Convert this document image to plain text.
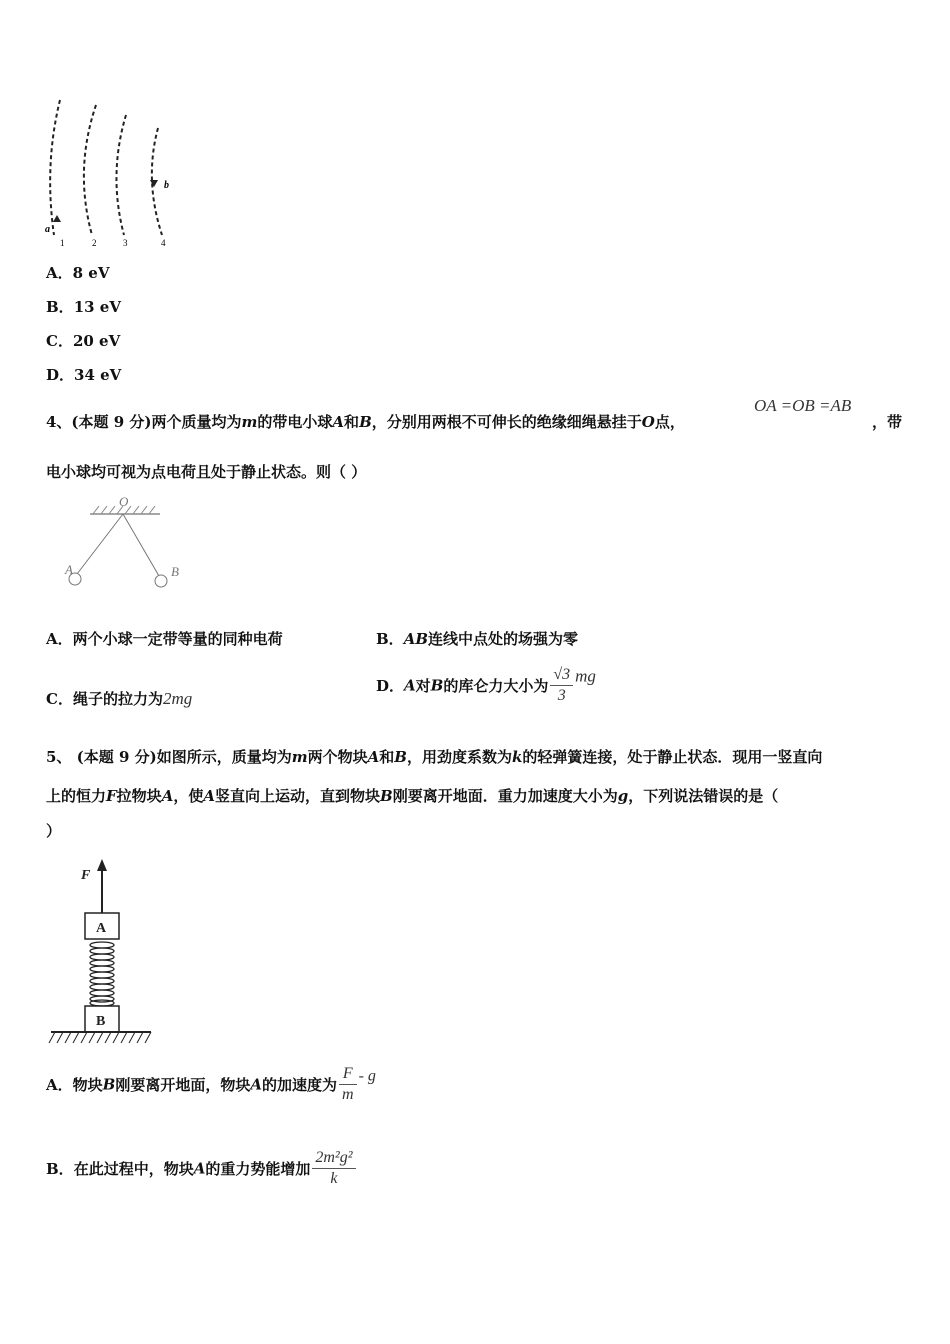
a
b
1	2	3	4
A．8 eV
B．13 eV
C．20 eV
D．34 eV
4、(本题 9 分)两个质量均为m的带电小球A和B，分别用两根不可伸长的绝缘细绳悬挂于O点，
OA =OB =AB
，带
电小球均可视为点电荷且处于静止状态。则（ ）
O
A	B
A．两个小球一定带等量的同种电荷	B．AB连线中点处的场强为零
C．绳子的拉力为2mg
D．A对B的库仑力大小为 $\frac{√3}{3}$ mg
5、 (本题 9 分)如图所示，质量均为m两个物块A和B，用劲度系数为k的轻弹簧连接，处于静止状态．现用一竖直向
上的恒力F拉物块A，使A竖直向上运动，直到物块B刚要离开地面．重力加速度大小为g，下列说法错误的是（
）
F
A
B
A．物块B刚要离开地面，物块A的加速度为 $\frac{F}{m}$ - g
B．在此过程中，物块A的重力势能增加 $\frac{\text{2m²g²}}{k}$
